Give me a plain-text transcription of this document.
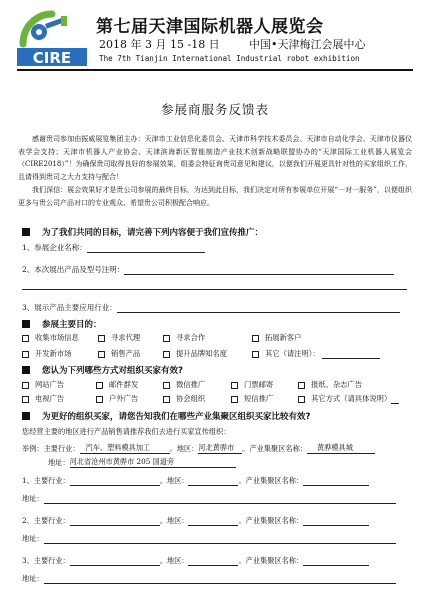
CIRE
第七届天津国际机器人展览会
2018 年 3 月 15 -18 日	中国•天津梅江会展中心
The 7th Tianjin International Industrial robot exhibition
参展商服务反馈表

感谢贵司参加由振威展览集团主办：天津市工业信息化委员会、天津市科学技术委员会、天津市自动化学会、天津市仪器仪表学会支持；天津市机器人产业协会、天津滨海新区智能制造产业技术创新战略联盟协办的“天津国际工业机器人展览会（CIRE2018）”！为确保贵司取得良好的参展效果，组委会特征询贵司意见和建议，以便我们开展更具针对性的买家组织工作，且请得到贵司之大力支持与配合！

我们深信：展会效果好才是贵公司参展的最终目标，为达到此目标，我们决定对所有参展单位开展“一对一服务”，以便组织更多与贵公司产品对口的专业观众、希望贵公司积极配合响应。

为了我们共同的目标，请完善下列内容便于我们宣传推广：
1、参展企业名称：
2、本次展出产品及型号注明：
3、展示产品主要应用行业：
参展主要目的：
收集市场信息	寻求代理	寻求合作	拓展新客户
开发新市场	销售产品	提升品牌知名度	其它（请注明）：
您认为下列哪些方式对组织买家有效?
网站广告	邮件群发	微信推广	门票邮寄	报纸、杂志广告
电视广告	户外广告	协会组织	短信推广	其它方式（请具体说明）
为更好的组织买家，请您告知我们在哪些产业集聚区组织买家比较有效?
您经营主要的地区进行产品销售请推荐我们去进行买家宣传组织：
举例：主要行业： 汽车、塑料模具加工	。地区： 河北黄骅市	。产业集聚区名称：	黄骅模具城
地址： 河北省沧州市黄骅市 205 国道旁
1、 主要行业：	。地区：	。产业集聚区名称：
地址：
2、 主要行业：	。地区：	。产业集聚区名称：
地址：
3、 主要行业：	。地区：	。产业集聚区名称：
地址：
